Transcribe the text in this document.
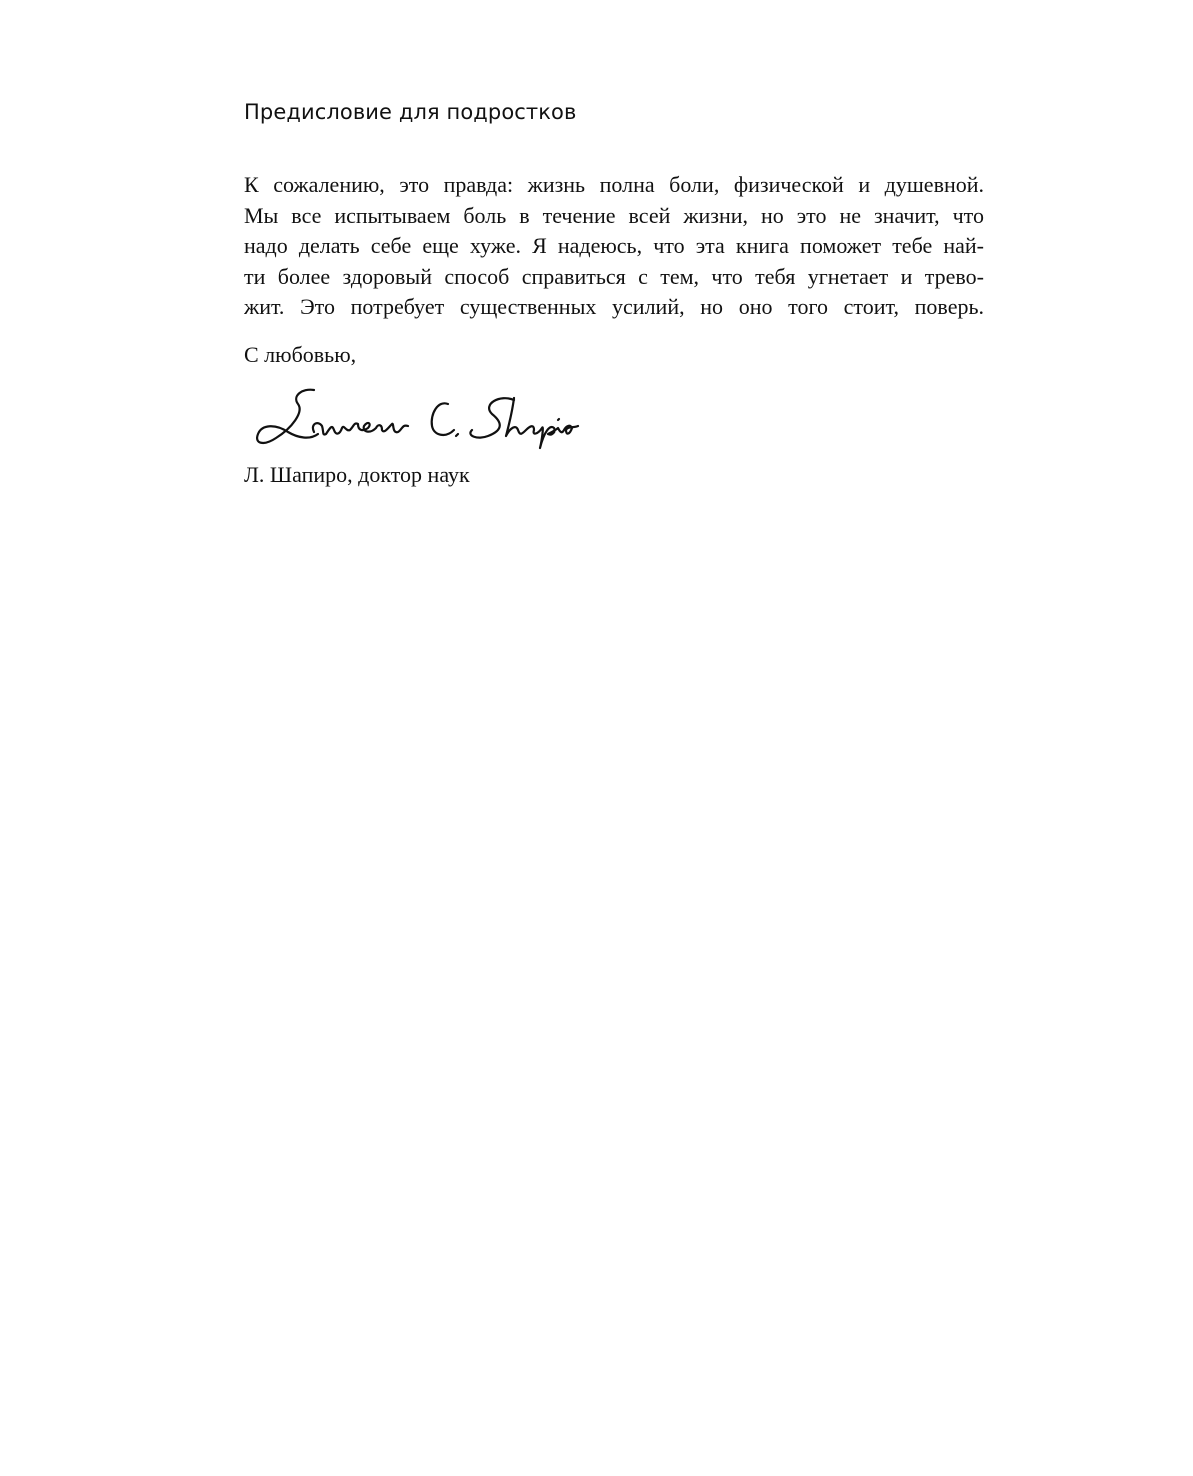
Предисловие для подростков
К сожалению, это правда: жизнь полна боли, физической и душевной.
Мы все испытываем боль в течение всей жизни, но это не значит, что
надо делать себе еще хуже. Я надеюсь, что эта книга поможет тебе най-
ти более здоровый способ справиться с тем, что тебя угнетает и трево-
жит. Это потребует существенных усилий, но оно того стоит, поверь.
С любовью,
Л. Шапиро, доктор наук
